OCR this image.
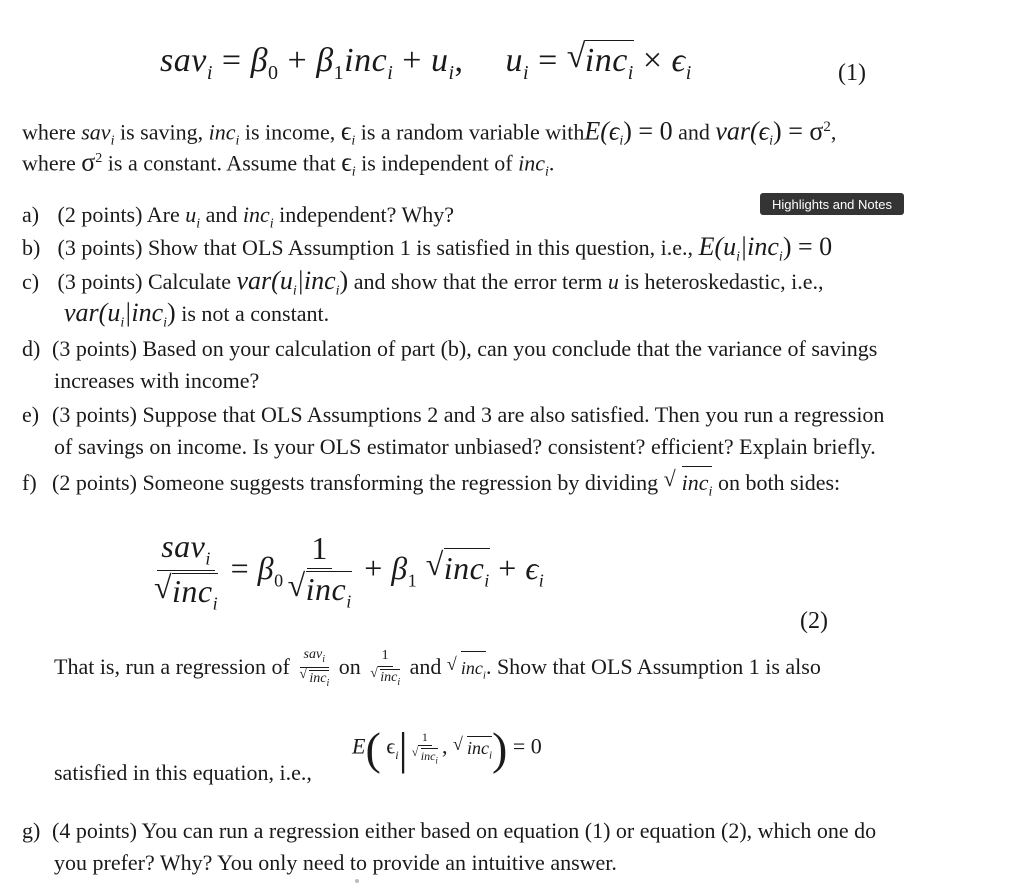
$sav_i = \beta_0 + \beta_1inc_i + u_i$, $u_i$ = √ $inc_i \times \epsilon_i$	(1)
where sav$_i$ is saving, inc$_i$ is income, $\epsilon_i$ is a random variable $withE(\epsilon_i) = 0$ and $var(\epsilon_i) = \sigma^2$,
where $\sigma^2$ is a constant. Assume that $\epsilon_i$ is independent of inc$_i$.
Highlights and Notes
a) (2 points) Are $u_i$ and inc$_i$ independent? Why?
b) (3 points) Show that OLS Assumption 1 is satisfied in this question, i.e., $E(u_i|inc_i) = 0$
c) (3 points) Calculate $var(u_i|inc_i)$ and show that the error term u is heteroskedastic, i.e.,
$var(u_i|inc_i)$ is not a constant.
d) (3 points) Based on your calculation of part (b), can you conclude that the variance of savings
increases with income?
e) (3 points) Suppose that OLS Assumptions 2 and 3 are also satisfied. Then you run a regression
of savings on income. Is your OLS estimator unbiased? consistent? efficient? Explain briefly.
f) (2 points) Someone suggests transforming the regression by dividing √ inc$_i$ on both sides:
sav$_i$
√ $inc_i = \beta_0$ 1
√ $inc_i + \beta_1$ √ $inc_i + \epsilon_i$
(2)
That is, run a regression of sav$_i$
√ inc$_i$ on 1
√ inc$_i$ and √ inc$_i$. Show that OLS Assumption 1 is also
satisfied in this equation, i.e.,
E( $\epsilon_i|$ 1
√ inc$_i$ , √ inc$_i$) = 0
g) (4 points) You can run a regression either based on equation (1) or equation (2), which one do
you prefer? Why? You only need to provide an intuitive answer.
